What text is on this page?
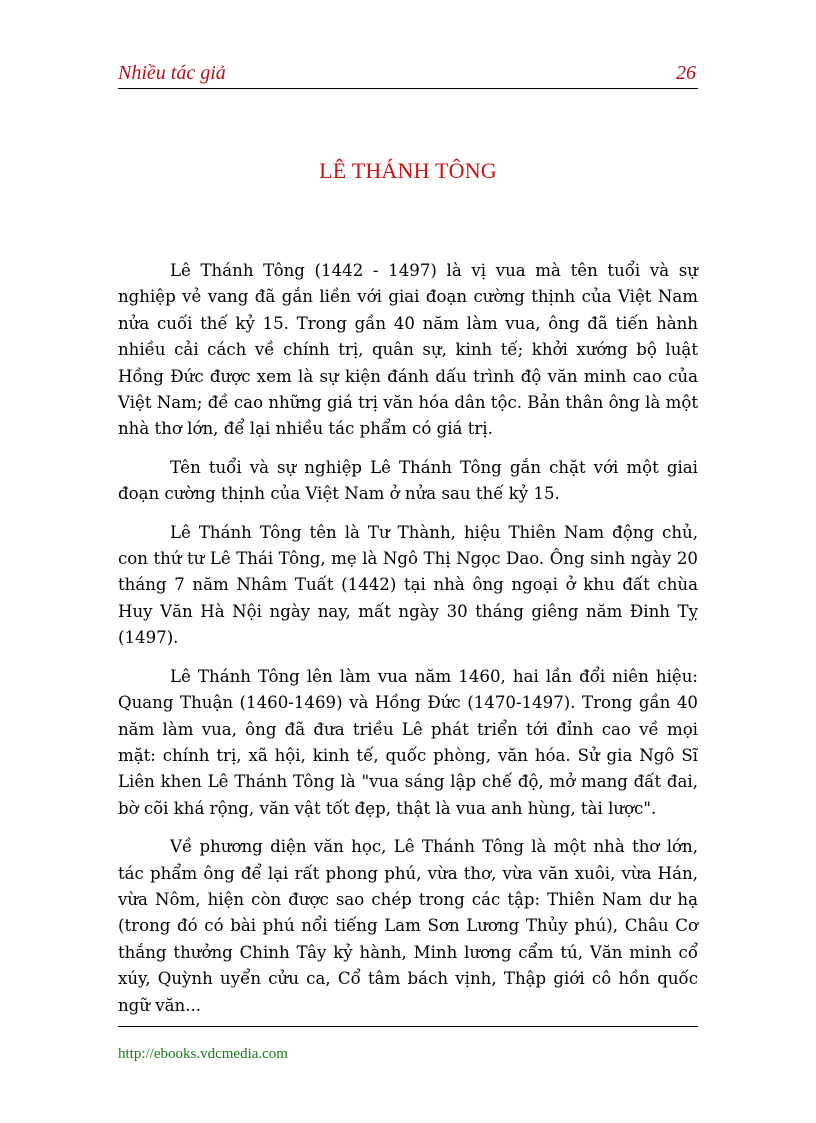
Nhiều tác giả	26
LÊ THÁNH TÔNG

Lê Thánh Tông (1442 - 1497) là vị vua mà tên tuổi và sự nghiệp vẻ vang đã gắn liền với giai đoạn cường thịnh của Việt Nam nửa cuối thế kỷ 15. Trong gần 40 năm làm vua, ông đã tiến hành nhiều cải cách về chính trị, quân sự, kinh tế; khởi xướng bộ luật Hồng Đức được xem là sự kiện đánh dấu trình độ văn minh cao của Việt Nam; đề cao những giá trị văn hóa dân tộc. Bản thân ông là một nhà thơ lớn, để lại nhiều tác phẩm có giá trị.

Tên tuổi và sự nghiệp Lê Thánh Tông gắn chặt với một giai đoạn cường thịnh của Việt Nam ở nửa sau thế kỷ 15.

Lê Thánh Tông tên là Tư Thành, hiệu Thiên Nam động chủ, con thứ tư Lê Thái Tông, mẹ là Ngô Thị Ngọc Dao. Ông sinh ngày 20 tháng 7 năm Nhâm Tuất (1442) tại nhà ông ngoại ở khu đất chùa Huy Văn Hà Nội ngày nay, mất ngày 30 tháng giêng năm Đinh Tỵ (1497).

Lê Thánh Tông lên làm vua năm 1460, hai lần đổi niên hiệu: Quang Thuận (1460-1469) và Hồng Đức (1470-1497). Trong gần 40 năm làm vua, ông đã đưa triều Lê phát triển tới đỉnh cao về mọi mặt: chính trị, xã hội, kinh tế, quốc phòng, văn hóa. Sử gia Ngô Sĩ Liên khen Lê Thánh Tông là "vua sáng lập chế độ, mở mang đất đai, bờ cõi khá rộng, văn vật tốt đẹp, thật là vua anh hùng, tài lược".

Về phương diện văn học, Lê Thánh Tông là một nhà thơ lớn, tác phẩm ông để lại rất phong phú, vừa thơ, vừa văn xuôi, vừa Hán, vừa Nôm, hiện còn được sao chép trong các tập: Thiên Nam dư hạ (trong đó có bài phú nổi tiếng Lam Sơn Lương Thủy phú), Châu Cơ thắng thưởng Chinh Tây kỷ hành, Minh lương cẩm tú, Văn minh cổ xúy, Quỳnh uyển cửu ca, Cổ tâm bách vịnh, Thập giới cô hồn quốc ngữ văn...

http://ebooks.vdcmedia.com
